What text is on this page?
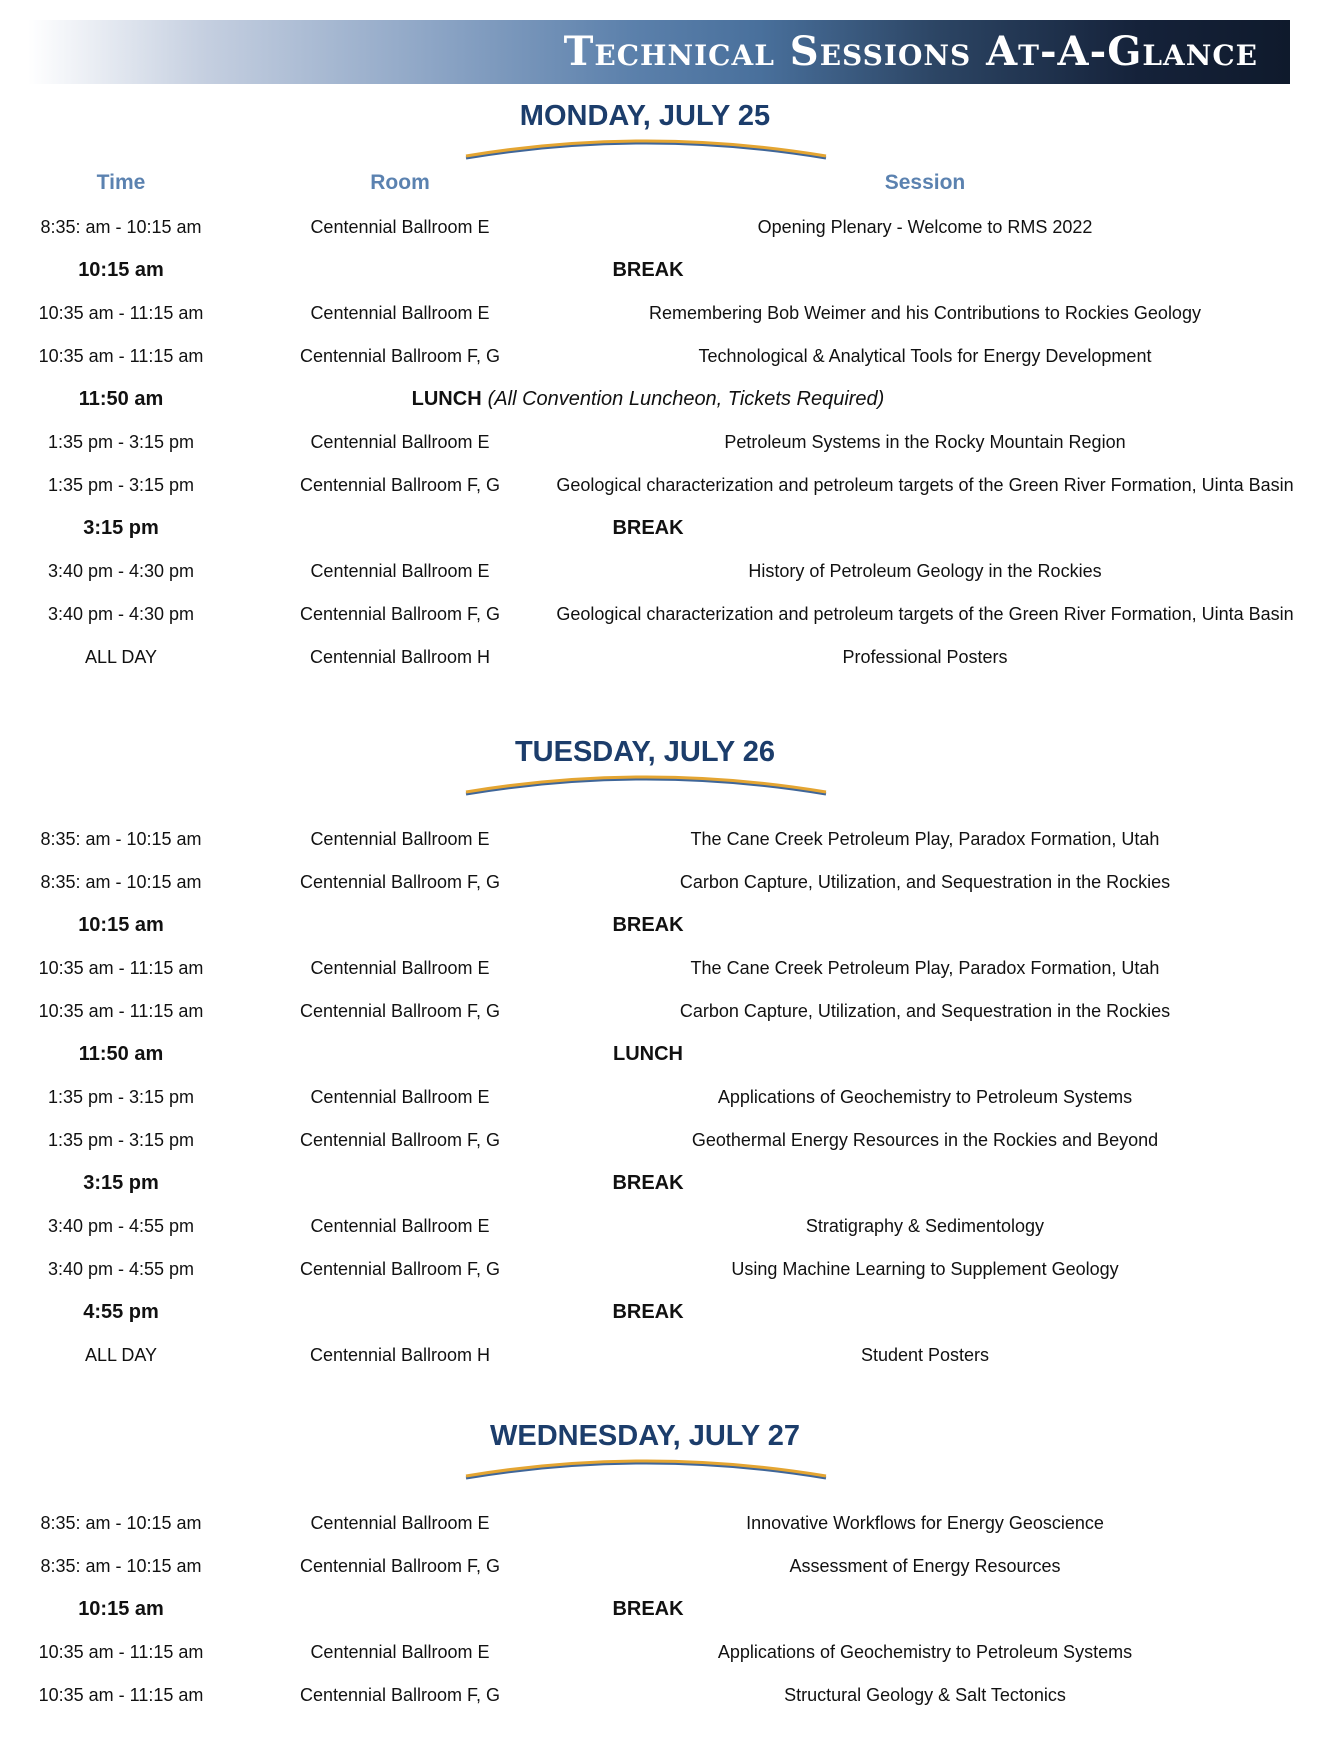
Technical Sessions At-A-Glance
MONDAY, JULY 25
Time	Room	Session
8:35: am - 10:15 am	Centennial Ballroom E	Opening Plenary - Welcome to RMS 2022
10:15 am	BREAK
10:35 am - 11:15 am	Centennial Ballroom E	Remembering Bob Weimer and his Contributions to Rockies Geology
10:35 am - 11:15 am	Centennial Ballroom F, G	Technological & Analytical Tools for Energy Development
11:50 am	LUNCH (All Convention Luncheon, Tickets Required)
1:35 pm - 3:15 pm	Centennial Ballroom E	Petroleum Systems in the Rocky Mountain Region
1:35 pm - 3:15 pm	Centennial Ballroom F, G	Geological characterization and petroleum targets of the Green River Formation, Uinta Basin
3:15 pm	BREAK
3:40 pm - 4:30 pm	Centennial Ballroom E	History of Petroleum Geology in the Rockies
3:40 pm - 4:30 pm	Centennial Ballroom F, G	Geological characterization and petroleum targets of the Green River Formation, Uinta Basin
ALL DAY	Centennial Ballroom H	Professional Posters
TUESDAY, JULY 26
8:35: am - 10:15 am	Centennial Ballroom E	The Cane Creek Petroleum Play, Paradox Formation, Utah
8:35: am - 10:15 am	Centennial Ballroom F, G	Carbon Capture, Utilization, and Sequestration in the Rockies
10:15 am	BREAK
10:35 am - 11:15 am	Centennial Ballroom E	The Cane Creek Petroleum Play, Paradox Formation, Utah
10:35 am - 11:15 am	Centennial Ballroom F, G	Carbon Capture, Utilization, and Sequestration in the Rockies
11:50 am	LUNCH
1:35 pm - 3:15 pm	Centennial Ballroom E	Applications of Geochemistry to Petroleum Systems
1:35 pm - 3:15 pm	Centennial Ballroom F, G	Geothermal Energy Resources in the Rockies and Beyond
3:15 pm	BREAK
3:40 pm - 4:55 pm	Centennial Ballroom E	Stratigraphy & Sedimentology
3:40 pm - 4:55 pm	Centennial Ballroom F, G	Using Machine Learning to Supplement Geology
4:55 pm	BREAK
ALL DAY	Centennial Ballroom H	Student Posters
WEDNESDAY, JULY 27
8:35: am - 10:15 am	Centennial Ballroom E	Innovative Workflows for Energy Geoscience
8:35: am - 10:15 am	Centennial Ballroom F, G	Assessment of Energy Resources
10:15 am	BREAK
10:35 am - 11:15 am	Centennial Ballroom E	Applications of Geochemistry to Petroleum Systems
10:35 am - 11:15 am	Centennial Ballroom F, G	Structural Geology & Salt Tectonics
